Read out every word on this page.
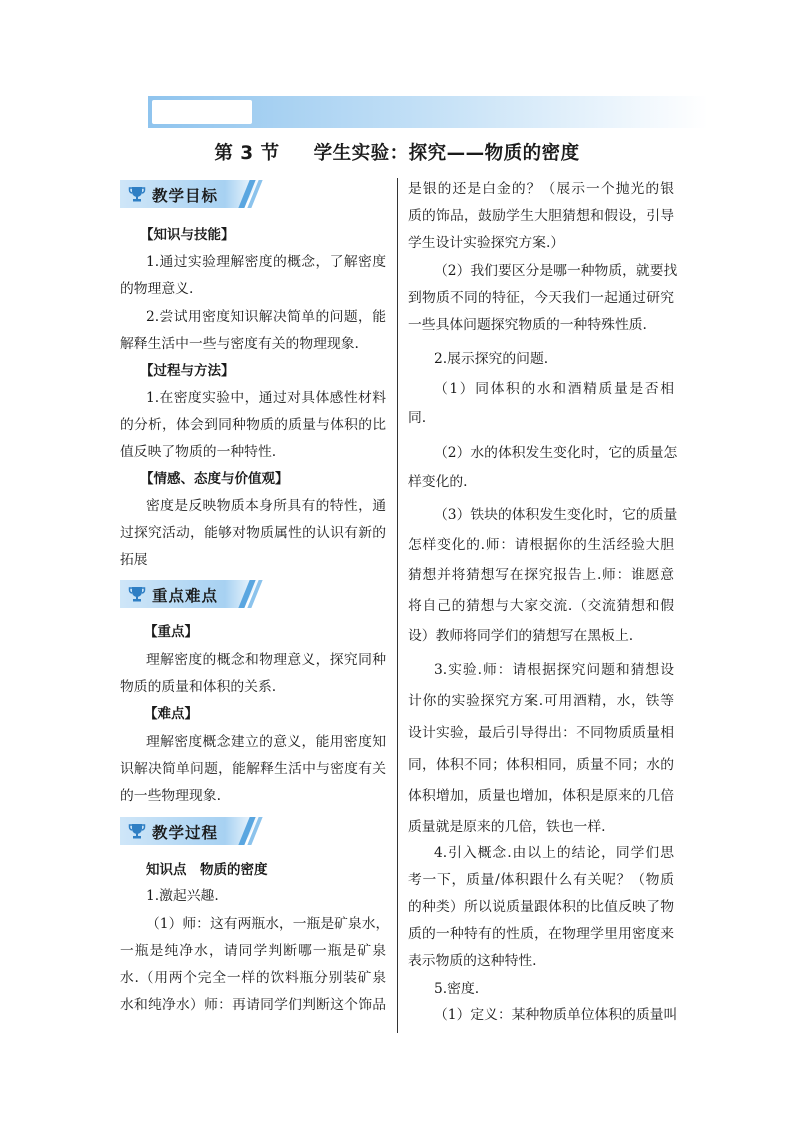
第 3 节 学生实验：探究——物质的密度
教学目标
【知识与技能】
1.通过实验理解密度的概念，了解密度
的物理意义.
2.尝试用密度知识解决简单的问题，能
解释生活中一些与密度有关的物理现象.
【过程与方法】
1.在密度实验中，通过对具体感性材料
的分析，体会到同种物质的质量与体积的比
值反映了物质的一种特性.
【情感、态度与价值观】
密度是反映物质本身所具有的特性，通
过探究活动，能够对物质属性的认识有新的
拓展
重点难点
【重点】
理解密度的概念和物理意义，探究同种
物质的质量和体积的关系.
【难点】
理解密度概念建立的意义，能用密度知
识解决简单问题，能解释生活中与密度有关
的一些物理现象.
教学过程
知识点　物质的密度
1.激起兴趣.
（1）师：这有两瓶水，一瓶是矿泉水，
一瓶是纯净水，请同学判断哪一瓶是矿泉
水.（用两个完全一样的饮料瓶分别装矿泉
水和纯净水）师：再请同学们判断这个饰品
是银的还是白金的？（展示一个抛光的银
质的饰品，鼓励学生大胆猜想和假设，引导
学生设计实验探究方案.）
（2）我们要区分是哪一种物质，就要找
到物质不同的特征，今天我们一起通过研究
一些具体问题探究物质的一种特殊性质.
2.展示探究的问题.
（1）同体积的水和酒精质量是否相
同.
（2）水的体积发生变化时，它的质量怎
样变化的.
（3）铁块的体积发生变化时，它的质量
怎样变化的.师：请根据你的生活经验大胆
猜想并将猜想写在探究报告上.师：谁愿意
将自己的猜想与大家交流.（交流猜想和假
设）教师将同学们的猜想写在黑板上.
3.实验.师：请根据探究问题和猜想设
计你的实验探究方案.可用酒精，水，铁等
设计实验，最后引导得出：不同物质质量相
同，体积不同；体积相同，质量不同；水的
体积增加，质量也增加，体积是原来的几倍
质量就是原来的几倍，铁也一样.
4.引入概念.由以上的结论，同学们思
考一下，质量/体积跟什么有关呢？（物质
的种类）所以说质量跟体积的比值反映了物
质的一种特有的性质，在物理学里用密度来
表示物质的这种特性.
5.密度.
（1）定义：某种物质单位体积的质量叫
